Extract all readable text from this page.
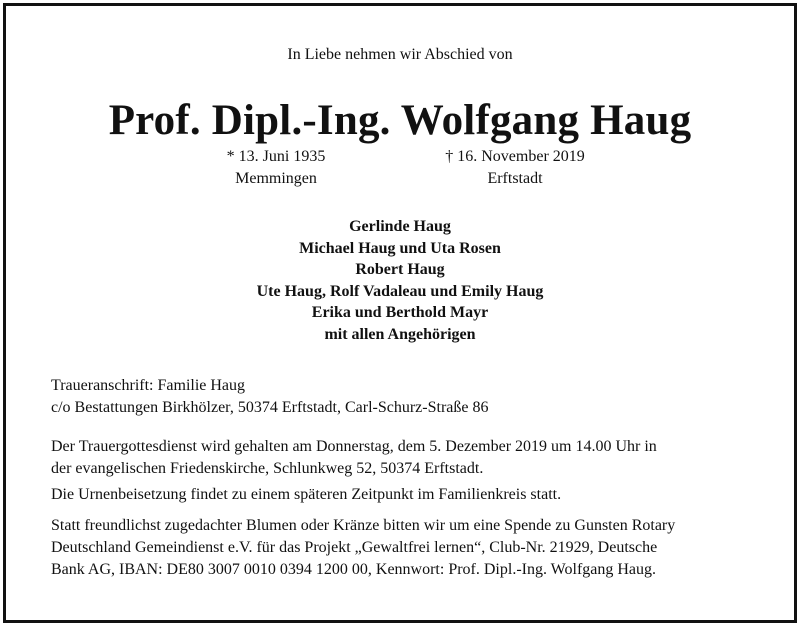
In Liebe nehmen wir Abschied von
Prof. Dipl.-Ing. Wolfgang Haug
* 13. Juni 1935
Memmingen
† 16. November 2019
Erftstadt
Gerlinde Haug
Michael Haug und Uta Rosen
Robert Haug
Ute Haug, Rolf Vadaleau und Emily Haug
Erika und Berthold Mayr
mit allen Angehörigen
Traueranschrift: Familie Haug
c/o Bestattungen Birkhölzer, 50374 Erftstadt, Carl-Schurz-Straße 86
Der Trauergottesdienst wird gehalten am Donnerstag, dem 5. Dezember 2019 um 14.00 Uhr in
der evangelischen Friedenskirche, Schlunkweg 52, 50374 Erftstadt.
Die Urnenbeisetzung findet zu einem späteren Zeitpunkt im Familienkreis statt.
Statt freundlichst zugedachter Blumen oder Kränze bitten wir um eine Spende zu Gunsten Rotary
Deutschland Gemeindienst e.V. für das Projekt „Gewaltfrei lernen“, Club-Nr. 21929, Deutsche
Bank AG, IBAN: DE80 3007 0010 0394 1200 00, Kennwort: Prof. Dipl.-Ing. Wolfgang Haug.
